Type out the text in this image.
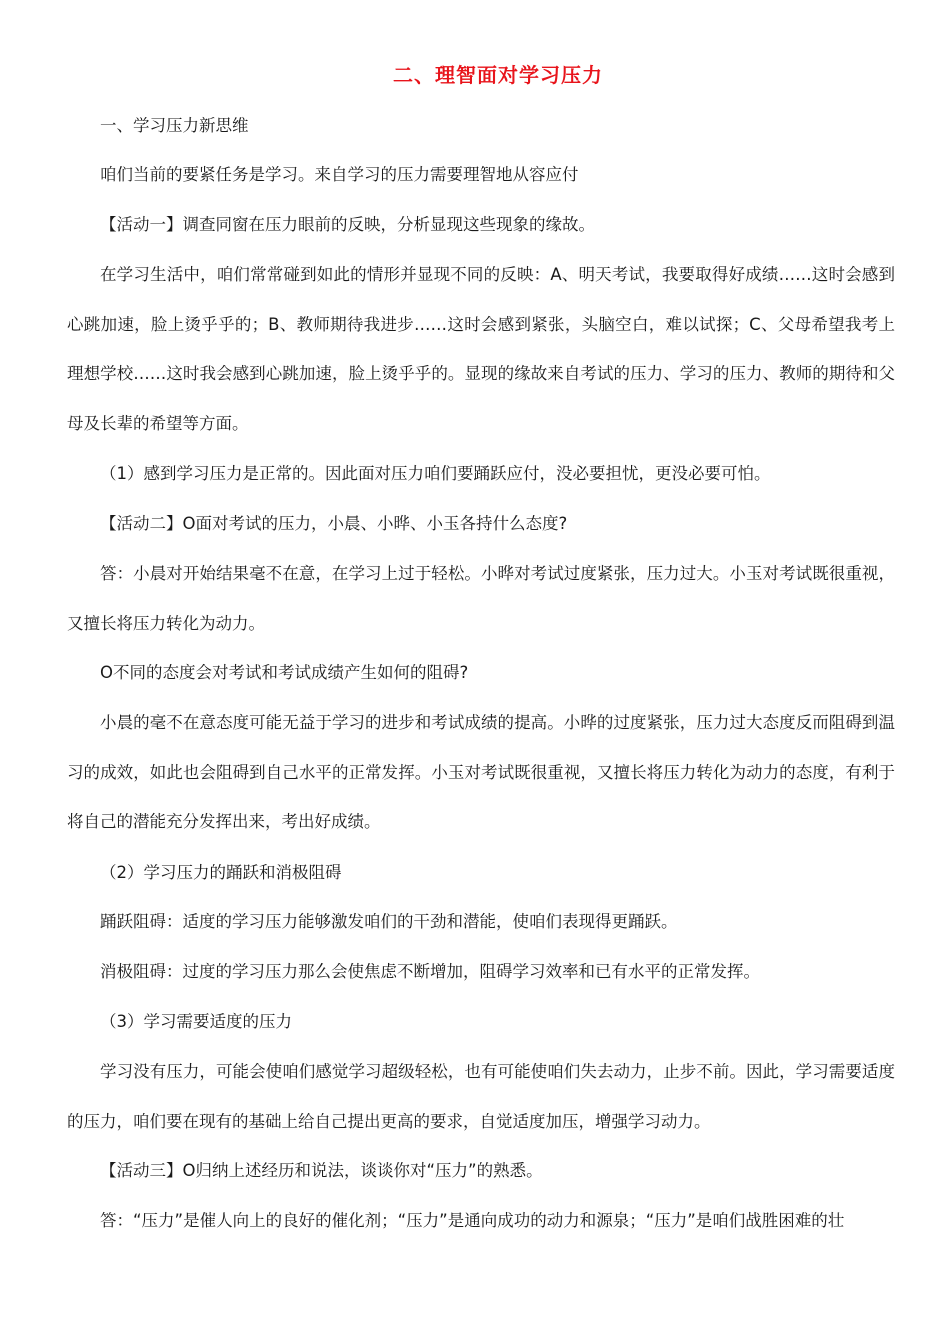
二、理智面对学习压力

一、学习压力新思维

咱们当前的要紧任务是学习。来自学习的压力需要理智地从容应付

【活动一】调查同窗在压力眼前的反映，分析显现这些现象的缘故。

在学习生活中，咱们常常碰到如此的情形并显现不同的反映：A、明天考试，我要取得好成绩……这时会感到心跳加速，脸上烫乎乎的；B、教师期待我进步……这时会感到紧张，头脑空白，难以试探；C、父母希望我考上理想学校……这时我会感到心跳加速，脸上烫乎乎的。显现的缘故来自考试的压力、学习的压力、教师的期待和父母及长辈的希望等方面。

（1）感到学习压力是正常的。因此面对压力咱们要踊跃应付，没必要担忧，更没必要可怕。

【活动二】O面对考试的压力，小晨、小晔、小玉各持什么态度?

答：小晨对开始结果毫不在意，在学习上过于轻松。小晔对考试过度紧张，压力过大。小玉对考试既很重视，又擅长将压力转化为动力。

O不同的态度会对考试和考试成绩产生如何的阻碍?

小晨的毫不在意态度可能无益于学习的进步和考试成绩的提高。小晔的过度紧张，压力过大态度反而阻碍到温习的成效，如此也会阻碍到自己水平的正常发挥。小玉对考试既很重视，又擅长将压力转化为动力的态度，有利于将自己的潜能充分发挥出来，考出好成绩。

（2）学习压力的踊跃和消极阻碍

踊跃阻碍：适度的学习压力能够激发咱们的干劲和潜能，使咱们表现得更踊跃。

消极阻碍：过度的学习压力那么会使焦虑不断增加，阻碍学习效率和已有水平的正常发挥。

（3）学习需要适度的压力

学习没有压力，可能会使咱们感觉学习超级轻松，也有可能使咱们失去动力，止步不前。因此，学习需要适度的压力，咱们要在现有的基础上给自己提出更高的要求，自觉适度加压，增强学习动力。

【活动三】O归纳上述经历和说法，谈谈你对“压力”的熟悉。

答：“压力”是催人向上的良好的催化剂；“压力”是通向成功的动力和源泉；“压力”是咱们战胜困难的壮
